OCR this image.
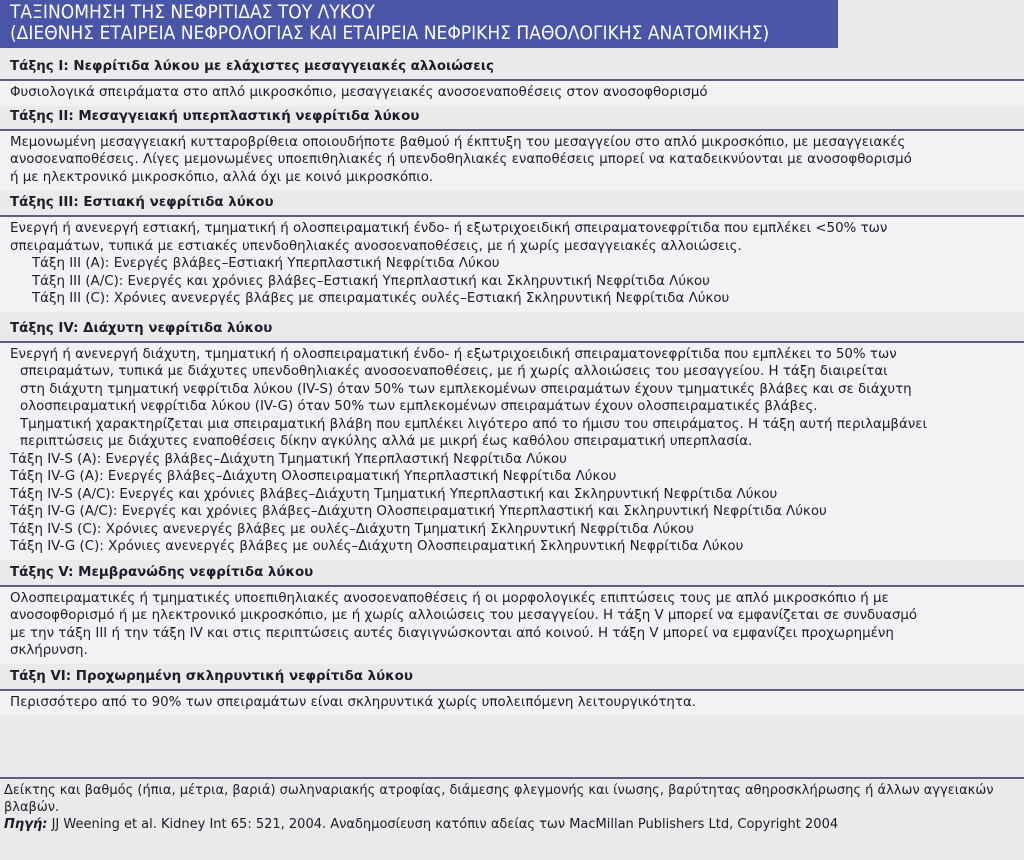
ΤΑΞΙΝΟΜΗΣΗ ΤΗΣ ΝΕΦΡΙΤΙΔΑΣ ΤΟΥ ΛΥΚΟΥ
(ΔΙΕΘΝΗΣ ΕΤΑΙΡΕΙΑ ΝΕΦΡΟΛΟΓΙΑΣ ΚΑΙ ΕΤΑΙΡΕΙΑ ΝΕΦΡΙΚΗΣ ΠΑΘΟΛΟΓΙΚΗΣ ΑΝΑΤΟΜΙΚΗΣ)
Τάξης Ι: Νεφρίτιδα λύκου με ελάχιστες μεσαγγειακές αλλοιώσεις

Φυσιολογικά σπειράματα στο απλό μικροσκόπιο, μεσαγγειακές ανοσοεναποθέσεις στον ανοσοφθορισμό

Τάξης ΙΙ: Μεσαγγειακή υπερπλαστική νεφρίτιδα λύκου

Μεμονωμένη μεσαγγειακή κυτταροβρίθεια οποιουδήποτε βαθμού ή έκπτυξη του μεσαγγείου στο απλό μικροσκόπιο, με μεσαγγειακές

ανοσοεναποθέσεις. Λίγες μεμονωμένες υποεπιθηλιακές ή υπενδοθηλιακές εναποθέσεις μπορεί να καταδεικνύονται με ανοσοφθορισμό

ή με ηλεκτρονικό μικροσκόπιο, αλλά όχι με κοινό μικροσκόπιο.

Τάξης ΙΙΙ: Εστιακή νεφρίτιδα λύκου

Ενεργή ή ανενεργή εστιακή, τμηματική ή ολοσπειραματική ένδο- ή εξωτριχοειδική σπειραματονεφρίτιδα που εμπλέκει <50% των

σπειραμάτων, τυπικά με εστιακές υπενδοθηλιακές ανοσοεναποθέσεις, με ή χωρίς μεσαγγειακές αλλοιώσεις.

Τάξη ΙΙΙ (Α): Ενεργές βλάβες–Εστιακή Υπερπλαστική Νεφρίτιδα Λύκου

Τάξη ΙΙΙ (Α/C): Ενεργές και χρόνιες βλάβες–Εστιακή Υπερπλαστική και Σκληρυντική Νεφρίτιδα Λύκου

Τάξη ΙΙΙ (C): Χρόνιες ανενεργές βλάβες με σπειραματικές ουλές–Εστιακή Σκληρυντική Νεφρίτιδα Λύκου

Τάξης IV: Διάχυτη νεφρίτιδα λύκου

Ενεργή ή ανενεργή διάχυτη, τμηματική ή ολοσπειραματική ένδο- ή εξωτριχοειδική σπειραματονεφρίτιδα που εμπλέκει το 50% των

σπειραμάτων, τυπικά με διάχυτες υπενδοθηλιακές ανοσοεναποθέσεις, με ή χωρίς αλλοιώσεις του μεσαγγείου. Η τάξη διαιρείται

στη διάχυτη τμηματική νεφρίτιδα λύκου (IV-S) όταν 50% των εμπλεκομένων σπειραμάτων έχουν τμηματικές βλάβες και σε διάχυτη

ολοσπειραματική νεφρίτιδα λύκου (IV-G) όταν 50% των εμπλεκομένων σπειραμάτων έχουν ολοσπειραματικές βλάβες.

Τμηματική χαρακτηρίζεται μια σπειραματική βλάβη που εμπλέκει λιγότερο από το ήμισυ του σπειράματος. Η τάξη αυτή περιλαμβάνει

περιπτώσεις με διάχυτες εναποθέσεις δίκην αγκύλης αλλά με μικρή έως καθόλου σπειραματική υπερπλασία.

Τάξη IV-S (Α): Ενεργές βλάβες–Διάχυτη Τμηματική Υπερπλαστική Νεφρίτιδα Λύκου

Τάξη IV-G (Α): Ενεργές βλάβες–Διάχυτη Ολοσπειραματική Υπερπλαστική Νεφρίτιδα Λύκου

Τάξη IV-S (Α/C): Ενεργές και χρόνιες βλάβες–Διάχυτη Τμηματική Υπερπλαστική και Σκληρυντική Νεφρίτιδα Λύκου

Τάξη IV-G (Α/C): Ενεργές και χρόνιες βλάβες–Διάχυτη Ολοσπειραματική Υπερπλαστική και Σκληρυντική Νεφρίτιδα Λύκου

Τάξη IV-S (C): Χρόνιες ανενεργές βλάβες με ουλές–Διάχυτη Τμηματική Σκληρυντική Νεφρίτιδα Λύκου

Τάξη IV-G (C): Χρόνιες ανενεργές βλάβες με ουλές–Διάχυτη Ολοσπειραματική Σκληρυντική Νεφρίτιδα Λύκου

Τάξης V: Μεμβρανώδης νεφρίτιδα λύκου

Ολοσπειραματικές ή τμηματικές υποεπιθηλιακές ανοσοεναποθέσεις ή οι μορφολογικές επιπτώσεις τους με απλό μικροσκόπιο ή με

ανοσοφθορισμό ή με ηλεκτρονικό μικροσκόπιο, με ή χωρίς αλλοιώσεις του μεσαγγείου. Η τάξη V μπορεί να εμφανίζεται σε συνδυασμό

με την τάξη ΙΙΙ ή την τάξη IV και στις περιπτώσεις αυτές διαγιγνώσκονται από κοινού. Η τάξη V μπορεί να εμφανίζει προχωρημένη

σκλήρυνση.

Τάξη VI: Προχωρημένη σκληρυντική νεφρίτιδα λύκου

Περισσότερο από το 90% των σπειραμάτων είναι σκληρυντικά χωρίς υπολειπόμενη λειτουργικότητα.

Δείκτης και βαθμός (ήπια, μέτρια, βαριά) σωληναριακής ατροφίας, διάμεσης φλεγμονής και ίνωσης, βαρύτητας αθηροσκλήρωσης ή άλλων αγγειακών

βλαβών.

Πηγή: JJ Weening et al. Kidney Int 65: 521, 2004. Αναδημοσίευση κατόπιν αδείας των MacMillan Publishers Ltd, Copyright 2004
